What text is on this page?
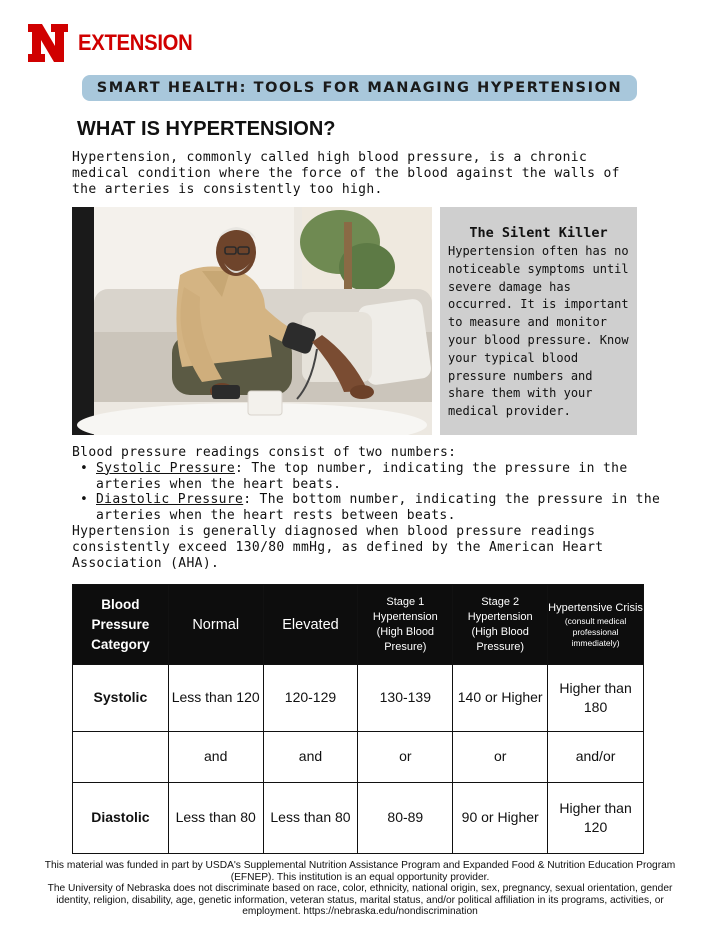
EXTENSION
SMART HEALTH: TOOLS FOR MANAGING HYPERTENSION
WHAT IS HYPERTENSION?

Hypertension, commonly called high blood pressure, is a chronic medical condition where the force of the blood against the walls of the arteries is consistently too high.

The Silent Killer

Hypertension often has no noticeable symptoms until severe damage has occurred. It is important to measure and monitor your blood pressure. Know your typical blood pressure numbers and share them with your medical provider.

Blood pressure readings consist of two numbers:

• Systolic Pressure: The top number, indicating the pressure in the arteries when the heart beats.
• Diastolic Pressure: The bottom number, indicating the pressure in the arteries when the heart rests between beats.

Hypertension is generally diagnosed when blood pressure readings consistently exceed 130/80 mmHg, as defined by the American Heart Association (AHA).

Blood Pressure Category	Normal	Elevated	Stage 1 Hypertension (High Blood Presure)	Stage 2 Hypertension (High Blood Pressure)	Hypertensive Crisis
(consult medical professional immediately)

Systolic	Less than 120	120-129	130-139	140 or Higher	Higher than 180
	and	and	or	or	and/or
Diastolic	Less than 80	Less than 80	80-89	90 or Higher	Higher than 120

This material was funded in part by USDA's Supplemental Nutrition Assistance Program and Expanded Food & Nutrition Education Program (EFNEP). This institution is an equal opportunity provider.

The University of Nebraska does not discriminate based on race, color, ethnicity, national origin, sex, pregnancy, sexual orientation, gender identity, religion, disability, age, genetic information, veteran status, marital status, and/or political affiliation in its programs, activities, or employment. https://nebraska.edu/nondiscrimination
